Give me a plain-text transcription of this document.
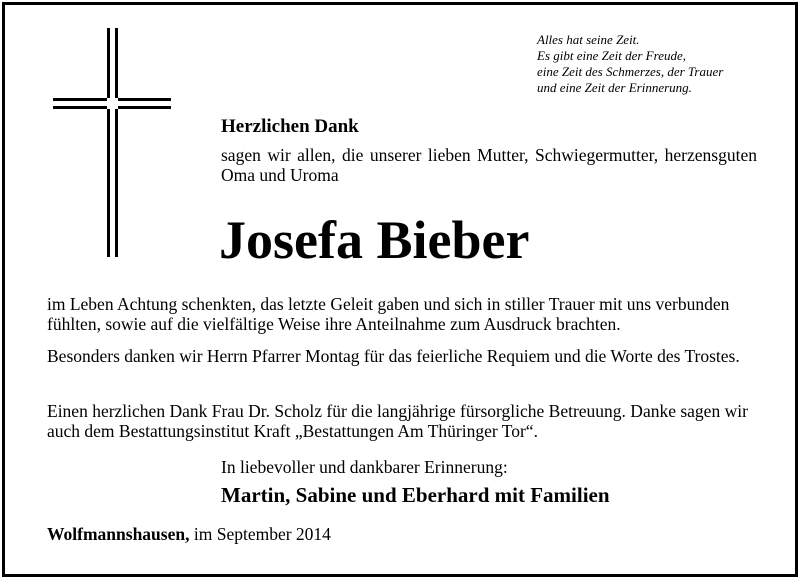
Alles hat seine Zeit.
Es gibt eine Zeit der Freude,
eine Zeit des Schmerzes, der Trauer
und eine Zeit der Erinnerung.
Herzlichen Dank
sagen wir allen, die unserer lieben Mutter, Schwiegermutter, herzensguten Oma und Uroma
Josefa Bieber
im Leben Achtung schenkten, das letzte Geleit gaben und sich in stiller Trauer mit uns verbunden fühlten, sowie auf die vielfältige Weise ihre Anteilnahme zum Ausdruck brachten.
Besonders danken wir Herrn Pfarrer Montag für das feierliche Requiem und die Worte des Trostes.
Einen herzlichen Dank Frau Dr. Scholz für die langjährige fürsorgliche Betreuung. Danke sagen wir auch dem Bestattungsinstitut Kraft „Bestattungen Am Thüringer Tor“.
In liebevoller und dankbarer Erinnerung:
Martin, Sabine und Eberhard mit Familien
Wolfmannshausen, im September 2014
